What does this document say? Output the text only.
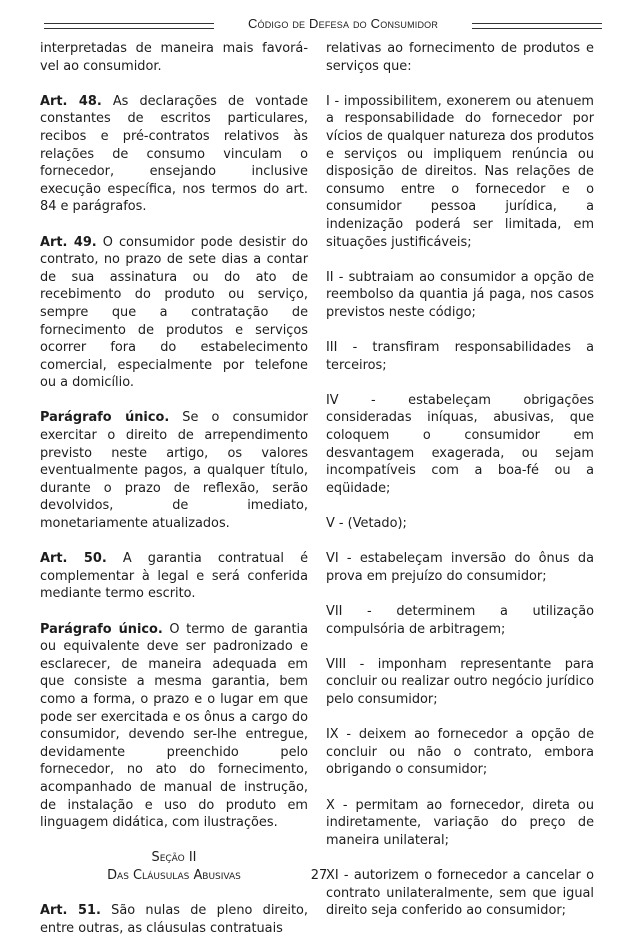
Código de Defesa do Consumidor

interpretadas de maneira mais favorá-vel ao consumidor.

Art. 48. As declarações de vontade constantes de escritos particulares, recibos e pré-contratos relativos às relações de consumo vinculam o fornecedor, ensejando inclusive execução específica, nos termos do art. 84 e parágrafos.

Art. 49. O consumidor pode desistir do contrato, no prazo de sete dias a contar de sua assinatura ou do ato de recebimento do produto ou serviço, sempre que a contratação de fornecimento de produtos e serviços ocorrer fora do estabelecimento comercial, especialmente por telefone ou a domicílio.

Parágrafo único. Se o consumidor exercitar o direito de arrependimento previsto neste artigo, os valores eventualmente pagos, a qualquer título, durante o prazo de reflexão, serão devolvidos, de imediato, monetariamente atualizados.

Art. 50. A garantia contratual é complementar à legal e será conferida mediante termo escrito.

Parágrafo único. O termo de garantia ou equivalente deve ser padronizado e esclarecer, de maneira adequada em que consiste a mesma garantia, bem como a forma, o prazo e o lugar em que pode ser exercitada e os ônus a cargo do consumidor, devendo ser-lhe entregue, devidamente preenchido pelo fornecedor, no ato do fornecimento, acompanhado de manual de instrução, de instalação e uso do produto em linguagem didática, com ilustrações.

Seção II
Das Cláusulas Abusivas

Art. 51. São nulas de pleno direito, entre outras, as cláusulas contratuais

relativas ao fornecimento de produtos e serviços que:

I - impossibilitem, exonerem ou atenuem a responsabilidade do fornecedor por vícios de qualquer natureza dos produtos e serviços ou impliquem renúncia ou disposição de direitos. Nas relações de consumo entre o fornecedor e o consumidor pessoa jurídica, a indenização poderá ser limitada, em situações justificáveis;

II - subtraiam ao consumidor a opção de reembolso da quantia já paga, nos casos previstos neste código;

III - transfiram responsabilidades a terceiros;

IV - estabeleçam obrigações consideradas iníquas, abusivas, que coloquem o consumidor em desvantagem exagerada, ou sejam incompatíveis com a boa-fé ou a eqüidade;

V - (Vetado);

VI - estabeleçam inversão do ônus da prova em prejuízo do consumidor;

VII - determinem a utilização compulsória de arbitragem;

VIII - imponham representante para concluir ou realizar outro negócio jurídico pelo consumidor;

IX - deixem ao fornecedor a opção de concluir ou não o contrato, embora obrigando o consumidor;

X - permitam ao fornecedor, direta ou indiretamente, variação do preço de maneira unilateral;

XI - autorizem o fornecedor a cancelar o contrato unilateralmente, sem que igual direito seja conferido ao consumidor;

27
